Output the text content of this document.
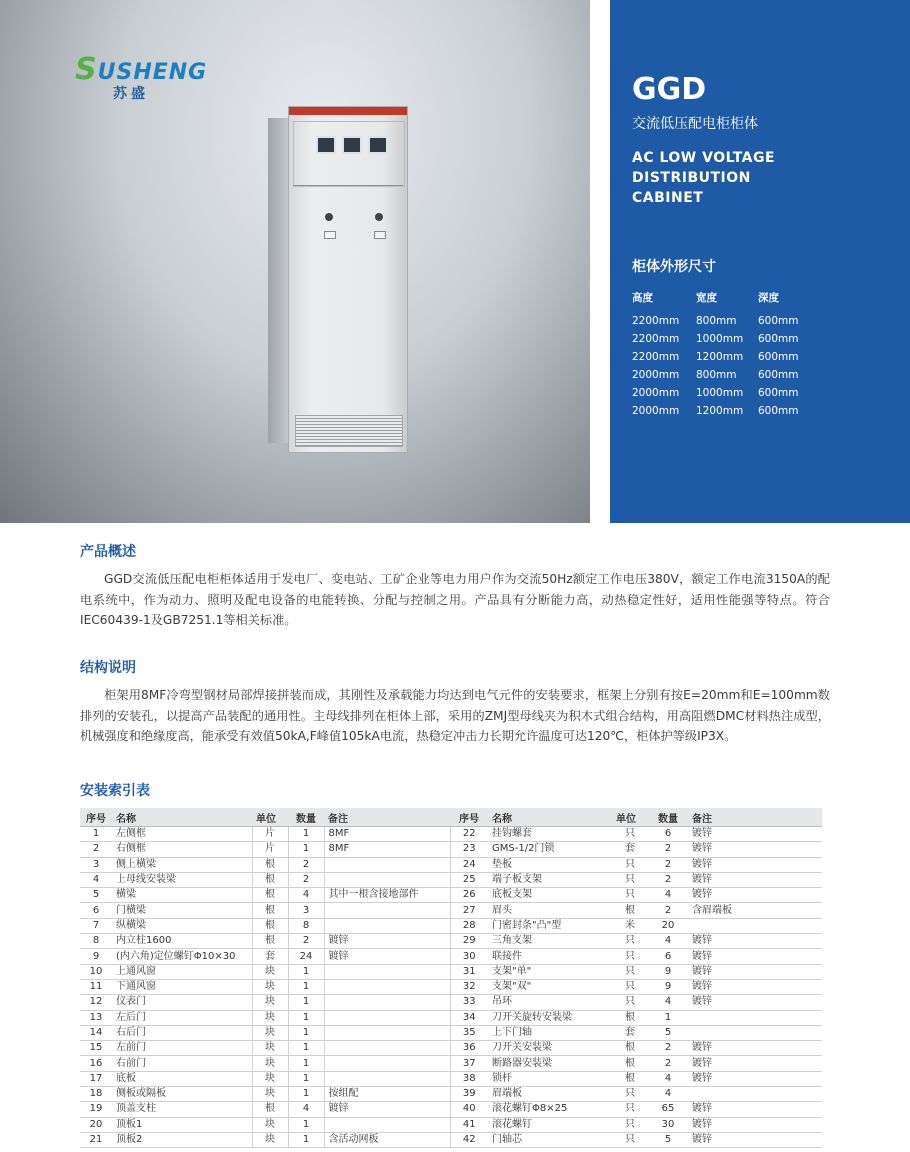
SUSHENG
苏盛	GGD
交流低压配电柜柜体
AC LOW VOLTAGE
DISTRIBUTION
CABINET
柜体外形尺寸
高度	宽度	深度
2200mm 800mm 600mm
2200mm 1000mm 600mm
2200mm 1200mm 600mm
2000mm 800mm 600mm
2000mm 1000mm 600mm
2000mm 1200mm 600mm
产品概述
GGD交流低压配电柜柜体适用于发电厂、变电站、工矿企业等电力用户作为交流50Hz额定工作电压380V，额定工作电流3150A的配电系统中，作为动力、照明及配电设备的电能转换、分配与控制之用。产品具有分断能力高，动热稳定性好，适用性能强等特点。符合IEC60439-1及GB7251.1等相关标准。
结构说明
柜架用8MF冷弯型钢材局部焊接拼装而成，其刚性及承载能力均达到电气元件的安装要求，框架上分别有按E=20mm和E=100mm数排列的安装孔，以提高产品装配的通用性。主母线排列在柜体上部，采用的ZMJ型母线夹为积木式组合结构，用高阻燃DMC材料热注成型，机械强度和绝缘度高，能承受有效值50kA,F峰值105kA电流，热稳定冲击力长期允许温度可达120℃，柜体护等级IP3X。
安装索引表
序号	名称	单位	数量	备注	序号	名称	单位	数量	备注
1	左侧框	片	1	8MF	22	挂钩螺套	只	6	镀锌
2	右侧框	片	1	8MF	23	GMS-1/2门锁	套	2	镀锌
3	侧上横梁	根	2		24	垫板	只	2	镀锌
4	上母线安装梁	根	2		25	端子板支架	只	2	镀锌
5	横梁	根	4	其中一根含接地部件	26	底板支架	只	4	镀锌
6	门横梁	根	3		27	眉头	根	2	含眉端板
7	纵横梁	根	8		28	门密封条"凸"型	米	20	
8	内立柱1600	根	2	镀锌	29	三角支架	只	4	镀锌
9	(内六角)定位螺钉Φ10×30	套	24	镀锌	30	联接件	只	6	镀锌
10	上通风窗	块	1		31	支架"单"	只	9	镀锌
11	下通风窗	块	1		32	支架"双"	只	9	镀锌
12	仪表门	块	1		33	吊环	只	4	镀锌
13	左后门	块	1		34	刀开关旋转安装梁	根	1	
14	右后门	块	1		35	上下门轴	套	5	
15	左前门	块	1		36	刀开关安装梁	根	2	镀锌
16	右前门	块	1		37	断路器安装梁	根	2	镀锌
17	底板	块	1		38	锁杆	根	4	镀锌
18	侧板或隔板	块	1	按组配	39	眉端板	只	4	
19	顶盖支柱	根	4	镀锌	40	滚花螺钉Φ8×25	只	65	镀锌
20	顶板1	块	1		41	滚花螺钉	只	30	镀锌
21	顶板2	块	1	含活动网板	42	门轴芯	只	5	镀锌
